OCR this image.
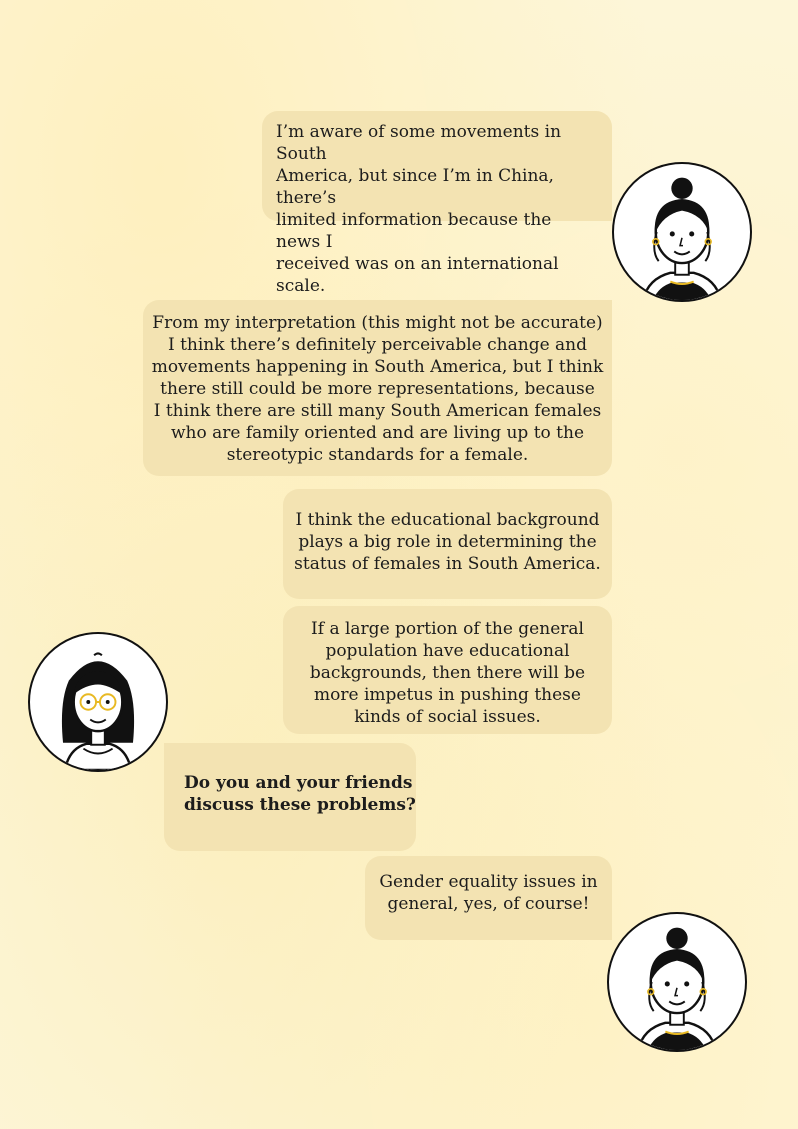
I’m aware of some movements in South
America, but since I’m in China, there’s
limited information because the news I
received was on an international scale.
From my interpretation (this might not be accurate)
I think there’s definitely perceivable change and
movements happening in South America, but I think
there still could be more representations, because
I think there are still many South American females
who are family oriented and are living up to the
stereotypic standards for a female.
I think the educational background
plays a big role in determining the
status of females in South America.
If a large portion of the general
population have educational
backgrounds, then there will be
more impetus in pushing these
kinds of social issues.
Do you and your friends
discuss these problems?
Gender equality issues in
general, yes, of course!
